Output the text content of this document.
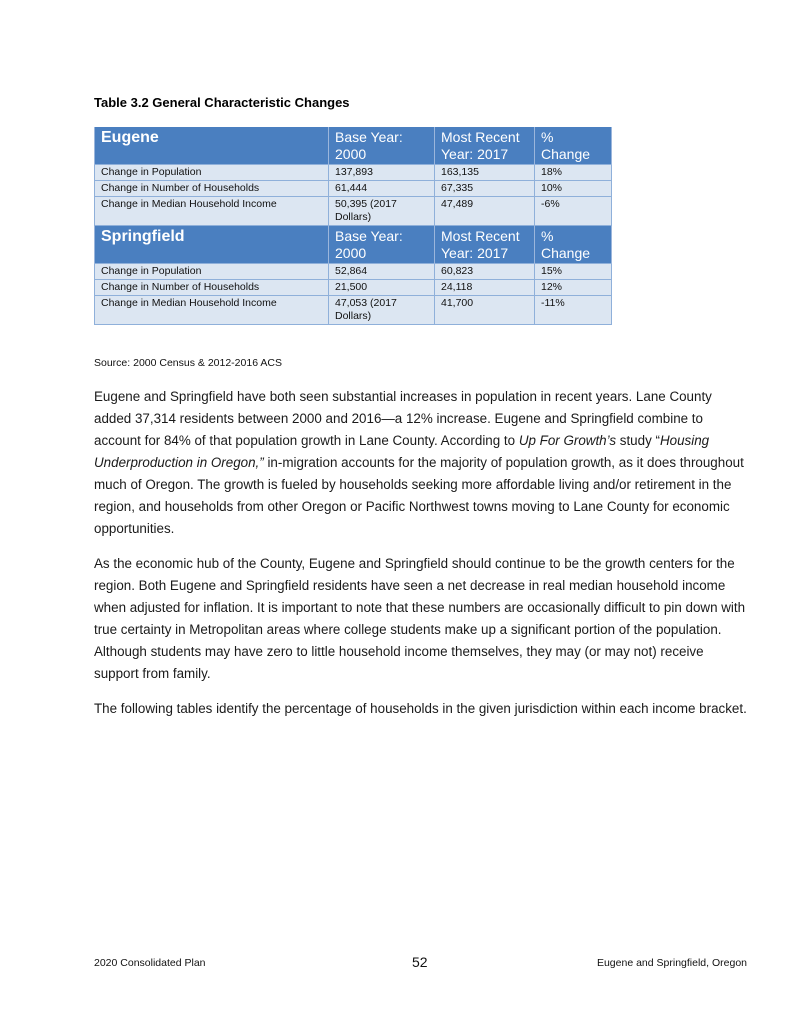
Table 3.2 General Characteristic Changes
Eugene	Base Year: 2000	Most Recent Year: 2017	% Change
Change in Population	137,893	163,135	18%
Change in Number of Households	61,444	67,335	10%
Change in Median Household Income	50,395 (2017 Dollars)	47,489	-6%
Springfield	Base Year: 2000	Most Recent Year: 2017	% Change
Change in Population	52,864	60,823	15%
Change in Number of Households	21,500	24,118	12%
Change in Median Household Income	47,053 (2017 Dollars)	41,700	-11%
Source: 2000 Census & 2012-2016 ACS

Eugene and Springfield have both seen substantial increases in population in recent years. Lane County added 37,314 residents between 2000 and 2016—a 12% increase. Eugene and Springfield combine to account for 84% of that population growth in Lane County. According to Up For Growth’s study “Housing Underproduction in Oregon,” in-migration accounts for the majority of population growth, as it does throughout much of Oregon. The growth is fueled by households seeking more affordable living and/or retirement in the region, and households from other Oregon or Pacific Northwest towns moving to Lane County for economic opportunities.

As the economic hub of the County, Eugene and Springfield should continue to be the growth centers for the region. Both Eugene and Springfield residents have seen a net decrease in real median household income when adjusted for inflation. It is important to note that these numbers are occasionally difficult to pin down with true certainty in Metropolitan areas where college students make up a significant portion of the population. Although students may have zero to little household income themselves, they may (or may not) receive support from family.

The following tables identify the percentage of households in the given jurisdiction within each income bracket.

2020 Consolidated Plan	52	Eugene and Springfield, Oregon
